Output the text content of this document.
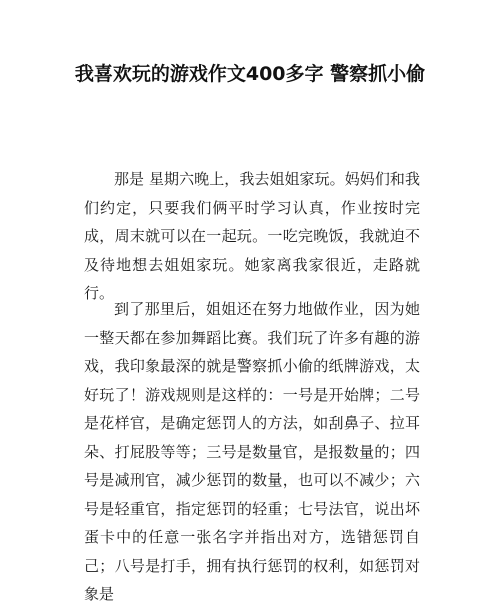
我喜欢玩的游戏作文400多字 警察抓小偷

那是 星期六晚上，我去姐姐家玩。妈妈们和我们约定，只要我们俩平时学习认真，作业按时完成，周末就可以在一起玩。一吃完晚饭，我就迫不及待地想去姐姐家玩。她家离我家很近，走路就行。

到了那里后，姐姐还在努力地做作业，因为她一整天都在参加舞蹈比赛。我们玩了许多有趣的游戏，我印象最深的就是警察抓小偷的纸牌游戏，太好玩了！游戏规则是这样的：一号是开始牌；二号是花样官，是确定惩罚人的方法，如刮鼻子、拉耳朵、打屁股等等；三号是数量官，是报数量的；四号是减刑官，减少惩罚的数量，也可以不减少；六号是轻重官，指定惩罚的轻重；七号法官，说出坏蛋卡中的任意一张名字并指出对方，选错惩罚自己；八号是打手，拥有执行惩罚的权利，如惩罚对象是
